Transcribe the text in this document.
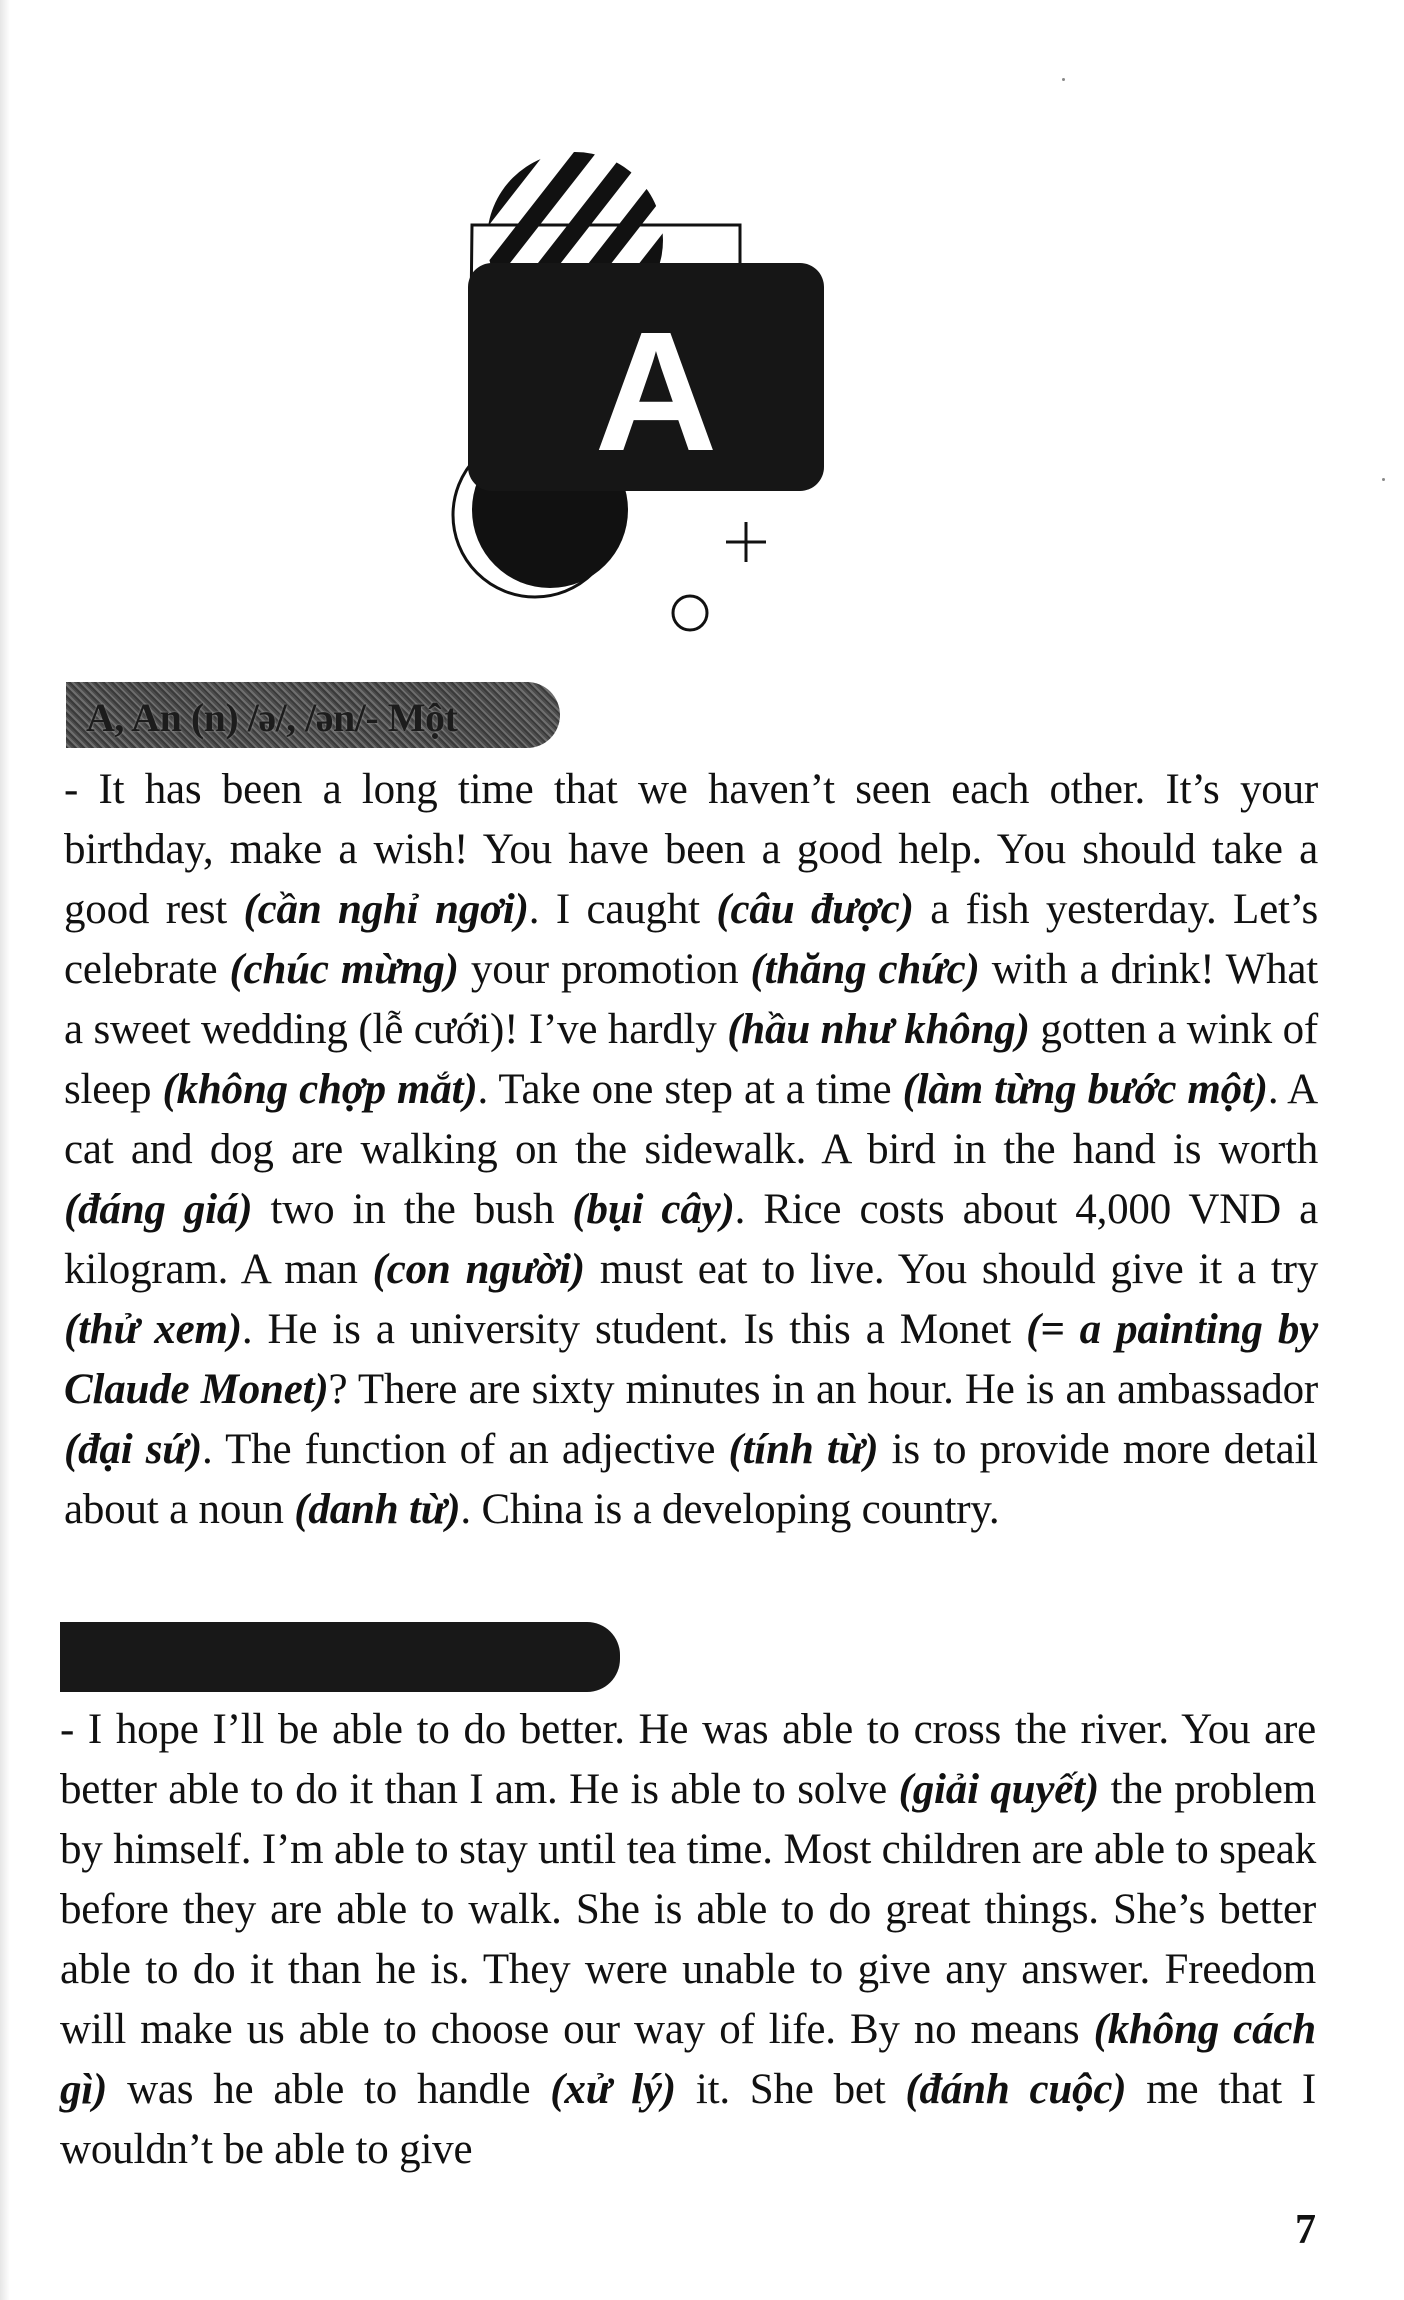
A
A, An (n) /ə/, /ən/- Một
- It has been a long time that we haven’t seen each other. It’s your birthday, make a wish! You have been a good help. You should take a good rest (cần nghỉ ngơi). I caught (câu được) a fish yesterday. Let’s celebrate (chúc mừng) your promotion (thăng chức) with a drink! What a sweet wedding (lễ cưới)! I’ve hardly (hầu như không) gotten a wink of sleep (không chợp mắt). Take one step at a time (làm từng bước một). A cat and dog are walking on the sidewalk. A bird in the hand is worth (đáng giá) two in the bush (bụi cây). Rice costs about 4,000 VND a kilogram. A man (con người) must eat to live. You should give it a try (thử xem). He is a university student. Is this a Monet (= a painting by Claude Monet)? There are sixty minutes in an hour. He is an ambassador (đại sứ). The function of an adjective (tính từ) is to provide more detail about a noun (danh từ). China is a developing country.
- I hope I’ll be able to do better. He was able to cross the river. You are better able to do it than I am. He is able to solve (giải quyết) the problem by himself. I’m able to stay until tea time. Most children are able to speak before they are able to walk. She is able to do great things. She’s better able to do it than he is. They were unable to give any answer. Freedom will make us able to choose our way of life. By no means (không cách gì) was he able to handle (xử lý) it. She bet (đánh cuộc) me that I wouldn’t be able to give
7
